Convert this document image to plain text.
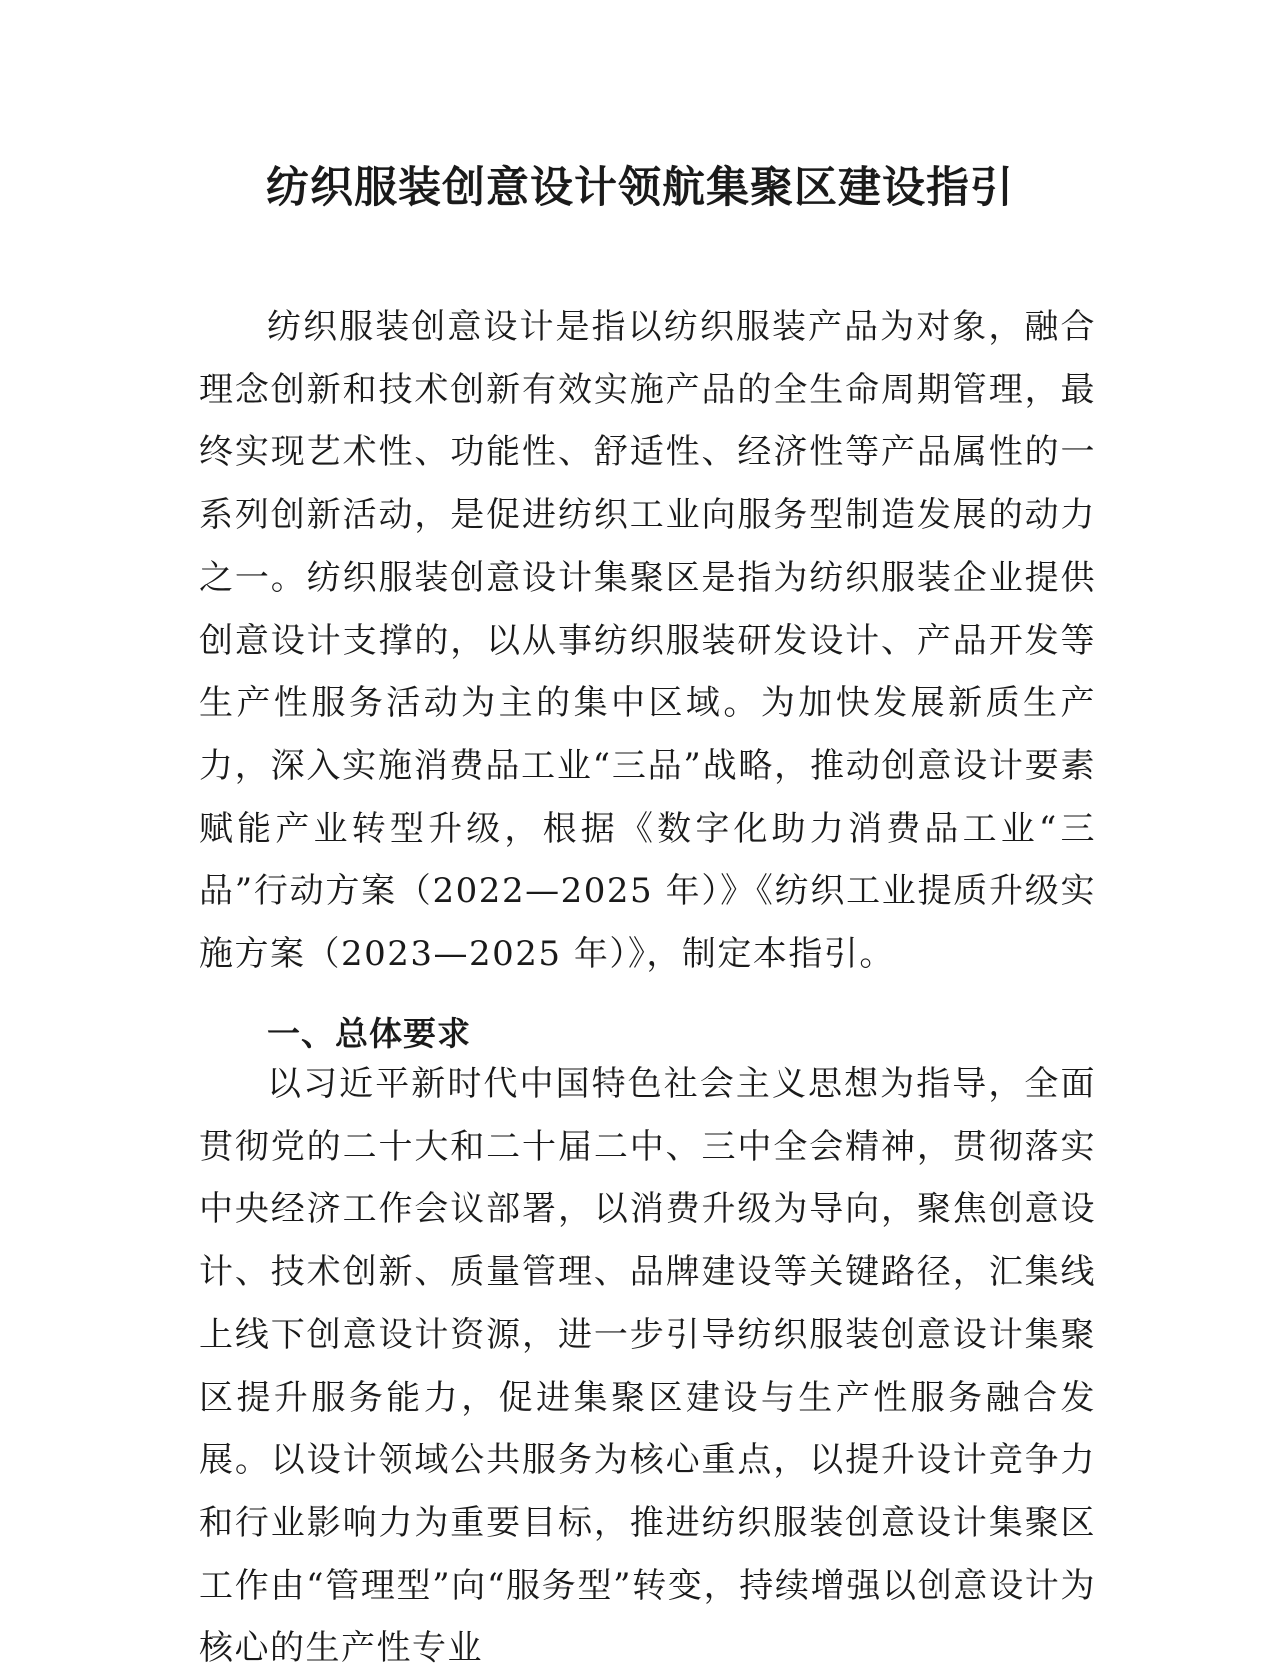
纺织服装创意设计领航集聚区建设指引

纺织服装创意设计是指以纺织服装产品为对象，融合理念创新和技术创新有效实施产品的全生命周期管理，最终实现艺术性、功能性、舒适性、经济性等产品属性的一系列创新活动，是促进纺织工业向服务型制造发展的动力之一。纺织服装创意设计集聚区是指为纺织服装企业提供创意设计支撑的，以从事纺织服装研发设计、产品开发等生产性服务活动为主的集中区域。为加快发展新质生产力，深入实施消费品工业“三品”战略，推动创意设计要素赋能产业转型升级，根据《数字化助力消费品工业“三品”行动方案（2022—2025 年）》《纺织工业提质升级实施方案（2023—2025 年）》，制定本指引。

一、总体要求

以习近平新时代中国特色社会主义思想为指导，全面贯彻党的二十大和二十届二中、三中全会精神，贯彻落实中央经济工作会议部署，以消费升级为导向，聚焦创意设计、技术创新、质量管理、品牌建设等关键路径，汇集线上线下创意设计资源，进一步引导纺织服装创意设计集聚区提升服务能力，促进集聚区建设与生产性服务融合发展。以设计领域公共服务为核心重点，以提升设计竞争力和行业影响力为重要目标，推进纺织服装创意设计集聚区工作由“管理型”向“服务型”转变，持续增强以创意设计为核心的生产性专业
